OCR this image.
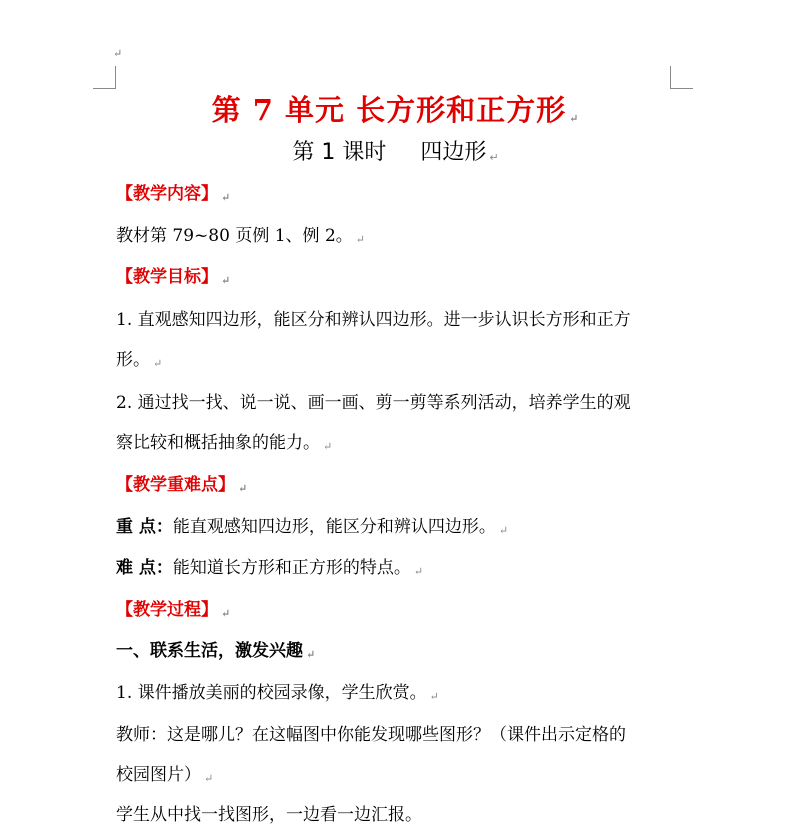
↵
第 7 单元 长方形和正方形 ↵
第 1 课时 四边形 ↵
【教学内容】 ↵
教材第 79~80 页例 1、例 2。 ↵
【教学目标】 ↵
1. 直观感知四边形，能区分和辨认四边形。进一步认识长方形和正方
形。 ↵
2. 通过找一找、说一说、画一画、剪一剪等系列活动，培养学生的观
察比较和概括抽象的能力。 ↵
【教学重难点】 ↵
重 点：能直观感知四边形，能区分和辨认四边形。 ↵
难 点：能知道长方形和正方形的特点。 ↵
【教学过程】 ↵
一、联系生活，激发兴趣 ↵
1. 课件播放美丽的校园录像，学生欣赏。 ↵
教师：这是哪儿？在这幅图中你能发现哪些图形？（课件出示定格的
校园图片） ↵
学生从中找一找图形，一边看一边汇报。
